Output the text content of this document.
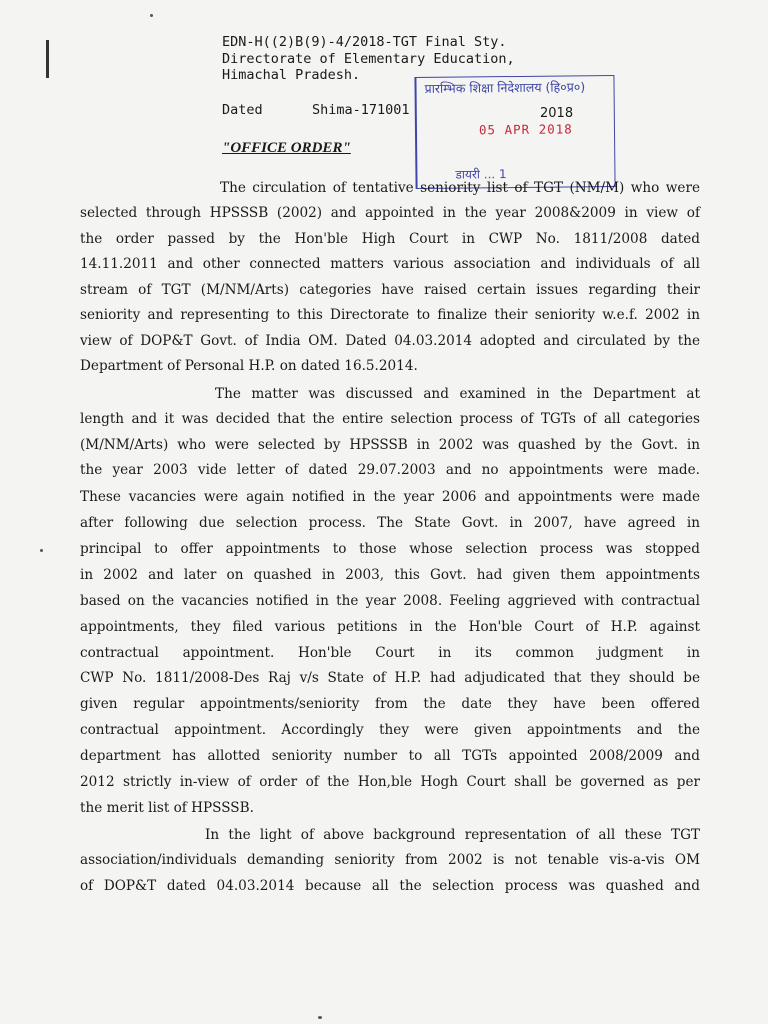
EDN-H((2)B(9)-4/2018-TGT Final Sty.
Directorate of Elementary Education,
Himachal Pradesh.
Dated	Shima-171001	2018
प्रारम्भिक शिक्षा निदेशालय (हि०प्र०)
05 APR 2018
डायरी ... 1
"OFFICE ORDER"
The circulation of tentative seniority list of TGT (NM/M) who were
selected through HPSSSB (2002) and appointed in the year 2008&2009 in view of
the order passed by the Hon'ble High Court in CWP No. 1811/2008 dated
14.11.2011 and other connected matters various association and individuals of all
stream of TGT (M/NM/Arts) categories have raised certain issues regarding their
seniority and representing to this Directorate to finalize their seniority w.e.f. 2002 in
view of DOP&T Govt. of India OM. Dated 04.03.2014 adopted and circulated by the
Department of Personal H.P. on dated 16.5.2014.
The matter was discussed and examined in the Department at
length and it was decided that the entire selection process of TGTs of all categories
(M/NM/Arts) who were selected by HPSSSB in 2002 was quashed by the Govt. in
the year 2003 vide letter of dated 29.07.2003 and no appointments were made.
These vacancies were again notified in the year 2006 and appointments were made
after following due selection process. The State Govt. in 2007, have agreed in
principal to offer appointments to those whose selection process was stopped
in 2002 and later on quashed in 2003, this Govt. had given them appointments
based on the vacancies notified in the year 2008. Feeling aggrieved with contractual
appointments, they filed various petitions in the Hon'ble Court of H.P. against
contractual appointment. Hon'ble Court in its common judgment in
CWP No. 1811/2008-Des Raj v/s State of H.P. had adjudicated that they should be
given regular appointments/seniority from the date they have been offered
contractual appointment. Accordingly they were given appointments and the
department has allotted seniority number to all TGTs appointed 2008/2009 and
2012 strictly in-view of order of the Hon,ble Hogh Court shall be governed as per
the merit list of HPSSSB.
In the light of above background representation of all these TGT
association/individuals demanding seniority from 2002 is not tenable vis-a-vis OM
of DOP&T dated 04.03.2014 because all the selection process was quashed and
